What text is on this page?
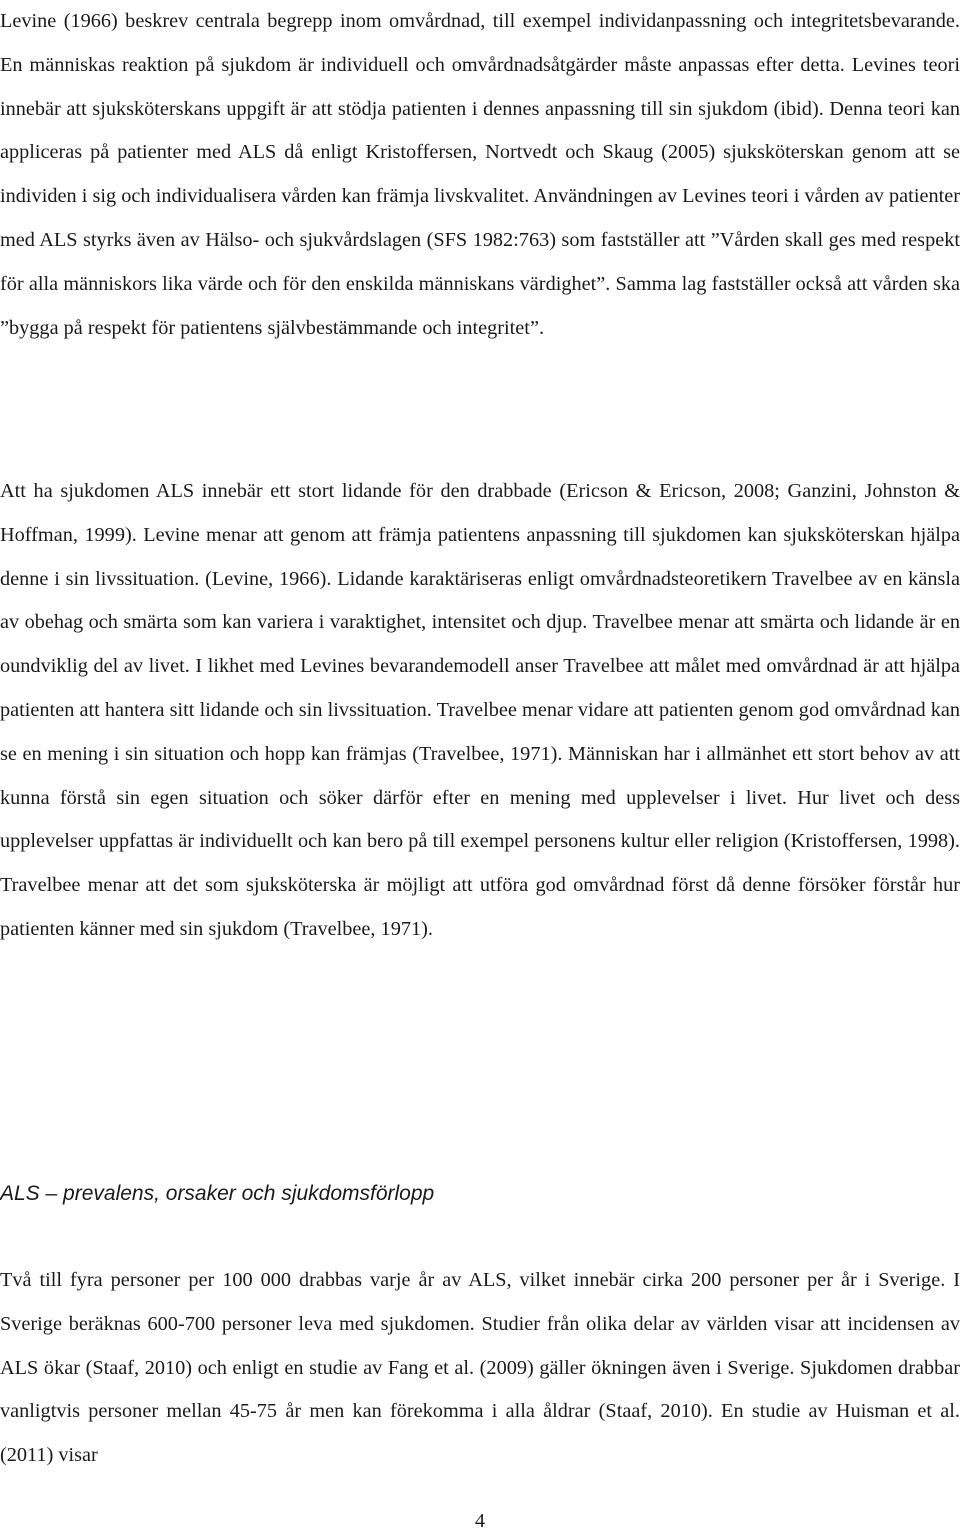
Levine (1966) beskrev centrala begrepp inom omvårdnad, till exempel individanpassning och integritetsbevarande. En människas reaktion på sjukdom är individuell och omvårdnadsåtgärder måste anpassas efter detta. Levines teori innebär att sjuksköterskans uppgift är att stödja patienten i dennes anpassning till sin sjukdom (ibid). Denna teori kan appliceras på patienter med ALS då enligt Kristoffersen, Nortvedt och Skaug (2005) sjuksköterskan genom att se individen i sig och individualisera vården kan främja livskvalitet. Användningen av Levines teori i vården av patienter med ALS styrks även av Hälso- och sjukvårdslagen (SFS 1982:763) som fastställer att ”Vården skall ges med respekt för alla människors lika värde och för den enskilda människans värdighet”. Samma lag fastställer också att vården ska ”bygga på respekt för patientens självbestämmande och integritet”.

Att ha sjukdomen ALS innebär ett stort lidande för den drabbade (Ericson & Ericson, 2008; Ganzini, Johnston & Hoffman, 1999). Levine menar att genom att främja patientens anpassning till sjukdomen kan sjuksköterskan hjälpa denne i sin livssituation. (Levine, 1966). Lidande karaktäriseras enligt omvårdnadsteoretikern Travelbee av en känsla av obehag och smärta som kan variera i varaktighet, intensitet och djup. Travelbee menar att smärta och lidande är en oundviklig del av livet. I likhet med Levines bevarandemodell anser Travelbee att målet med omvårdnad är att hjälpa patienten att hantera sitt lidande och sin livssituation. Travelbee menar vidare att patienten genom god omvårdnad kan se en mening i sin situation och hopp kan främjas (Travelbee, 1971). Människan har i allmänhet ett stort behov av att kunna förstå sin egen situation och söker därför efter en mening med upplevelser i livet. Hur livet och dess upplevelser uppfattas är individuellt och kan bero på till exempel personens kultur eller religion (Kristoffersen, 1998). Travelbee menar att det som sjuksköterska är möjligt att utföra god omvårdnad först då denne försöker förstår hur patienten känner med sin sjukdom (Travelbee, 1971).

ALS – prevalens, orsaker och sjukdomsförlopp

Två till fyra personer per 100 000 drabbas varje år av ALS, vilket innebär cirka 200 personer per år i Sverige. I Sverige beräknas 600-700 personer leva med sjukdomen. Studier från olika delar av världen visar att incidensen av ALS ökar (Staaf, 2010) och enligt en studie av Fang et al. (2009) gäller ökningen även i Sverige. Sjukdomen drabbar vanligtvis personer mellan 45-75 år men kan förekomma i alla åldrar (Staaf, 2010). En studie av Huisman et al. (2011) visar

4
